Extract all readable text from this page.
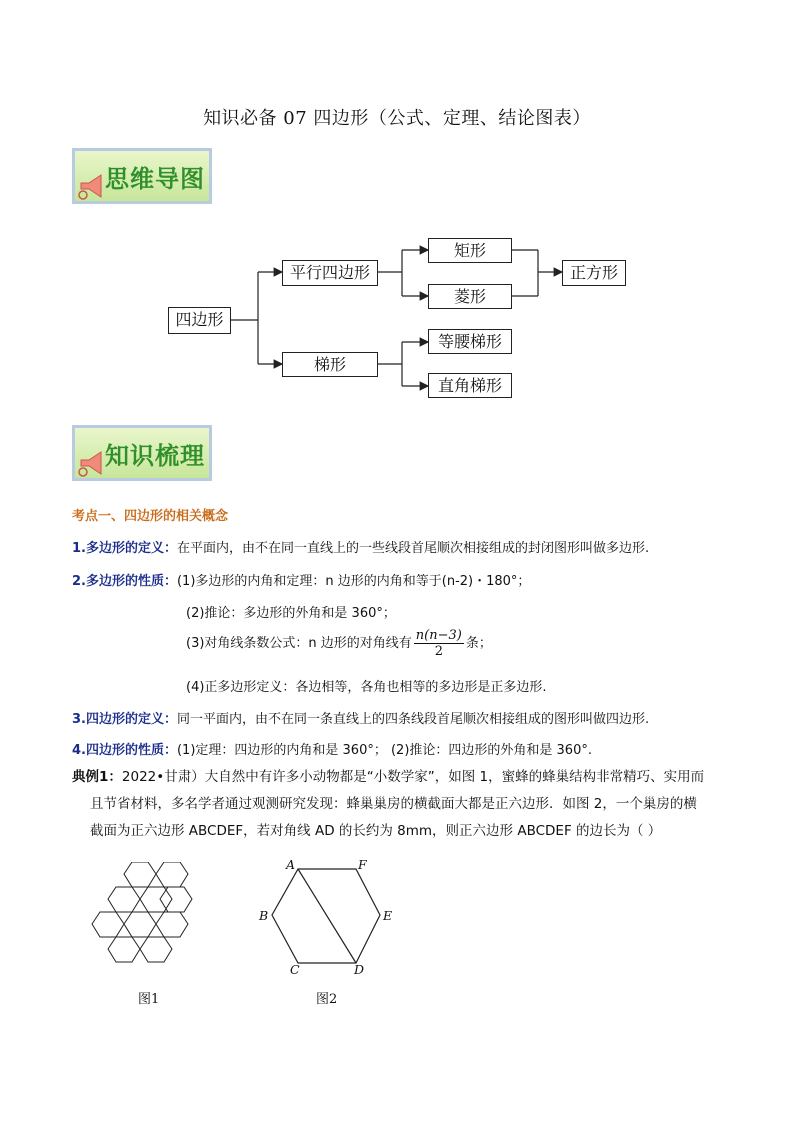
知识必备 07 四边形（公式、定理、结论图表）
思维导图
四边形
平行四边形
矩形
菱形
正方形
梯形
等腰梯形
直角梯形
知识梳理
考点一、四边形的相关概念
1.多边形的定义：在平面内，由不在同一直线上的一些线段首尾顺次相接组成的封闭图形叫做多边形.
2.多边形的性质：(1)多边形的内角和定理：n 边形的内角和等于(n-2)・180°；
(2)推论：多边形的外角和是 360°；
(3)对角线条数公式：n 边形的对角线有 $\frac{n(n-3)}{2}$ 条；
(4)正多边形定义：各边相等，各角也相等的多边形是正多边形.
3.四边形的定义：同一平面内，由不在同一条直线上的四条线段首尾顺次相接组成的图形叫做四边形.
4.四边形的性质：(1)定理：四边形的内角和是 360°； (2)推论：四边形的外角和是 360°.
典例1：2022•甘肃）大自然中有许多小动物都是“小数学家”，如图 1，蜜蜂的蜂巢结构非常精巧、实用而
且节省材料，多名学者通过观测研究发现：蜂巢巢房的横截面大都是正六边形．如图 2，一个巢房的横
截面为正六边形 ABCDEF，若对角线 AD 的长约为 8mm，则正六边形 ABCDEF 的边长为（ ）
图1
A	F
B	E
C	D
图2
